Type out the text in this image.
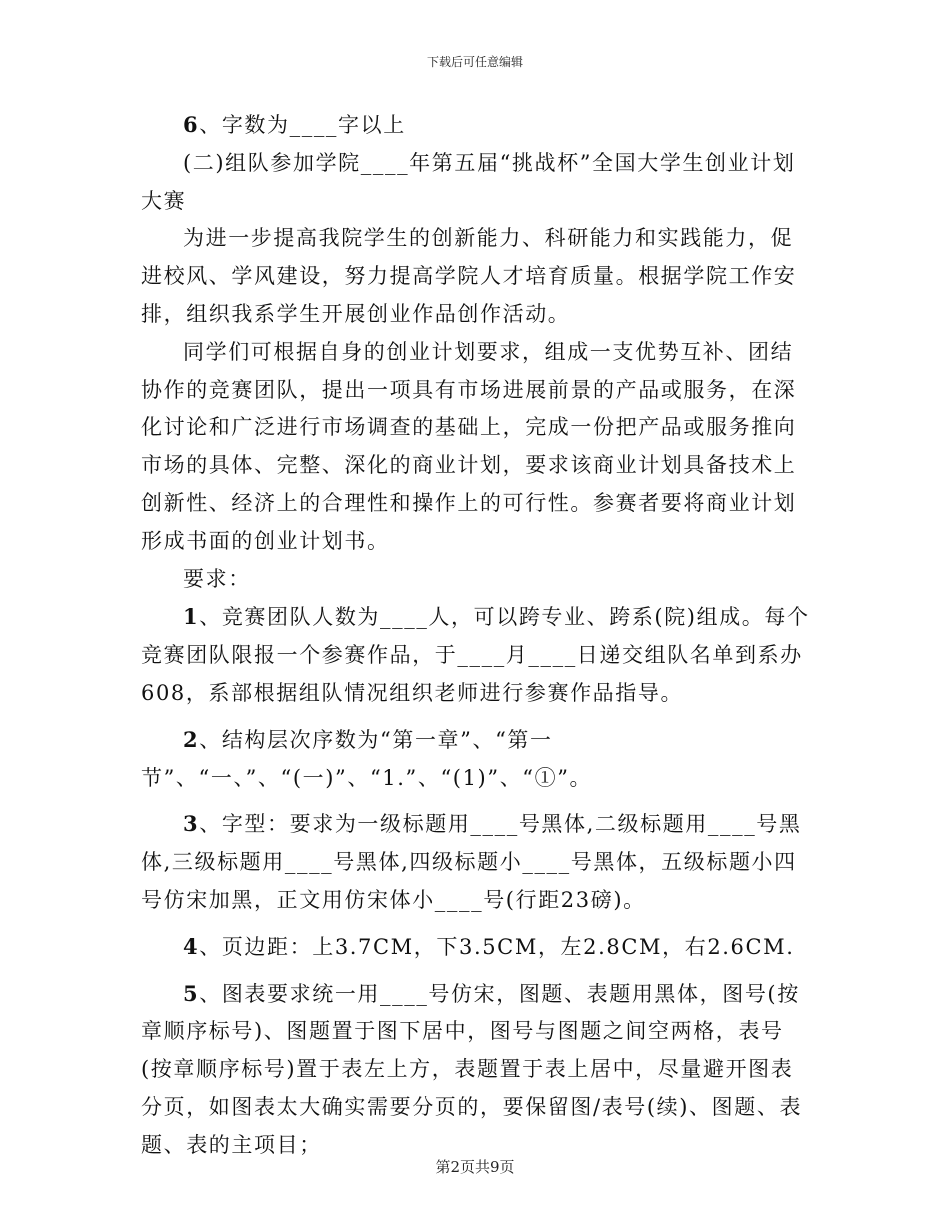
下载后可任意编辑

6、字数为____字以上

(二)组队参加学院____年第五届“挑战杯”全国大学生创业计划大赛

为进一步提高我院学生的创新能力、科研能力和实践能力，促进校风、学风建设，努力提高学院人才培育质量。根据学院工作安排，组织我系学生开展创业作品创作活动。

同学们可根据自身的创业计划要求，组成一支优势互补、团结协作的竞赛团队，提出一项具有市场进展前景的产品或服务，在深化讨论和广泛进行市场调查的基础上，完成一份把产品或服务推向市场的具体、完整、深化的商业计划，要求该商业计划具备技术上创新性、经济上的合理性和操作上的可行性。参赛者要将商业计划形成书面的创业计划书。

要求：

1、竞赛团队人数为____人，可以跨专业、跨系(院)组成。每个竞赛团队限报一个参赛作品，于____月____日递交组队名单到系办608，系部根据组队情况组织老师进行参赛作品指导。

2、结构层次序数为“第一章”、“第一节”、“一、”、“(一)”、“1.”、“(1)”、“①”。

3、字型：要求为一级标题用____号黑体,二级标题用____号黑体,三级标题用____号黑体,四级标题小____号黑体，五级标题小四号仿宋加黑，正文用仿宋体小____号(行距23磅)。

4、页边距：上3.7CM，下3.5CM，左2.8CM，右2.6CM.

5、图表要求统一用____号仿宋，图题、表题用黑体，图号(按章顺序标号)、图题置于图下居中，图号与图题之间空两格，表号(按章顺序标号)置于表左上方，表题置于表上居中，尽量避开图表分页，如图表太大确实需要分页的，要保留图/表号(续)、图题、表题、表的主项目；

第2页共9页
